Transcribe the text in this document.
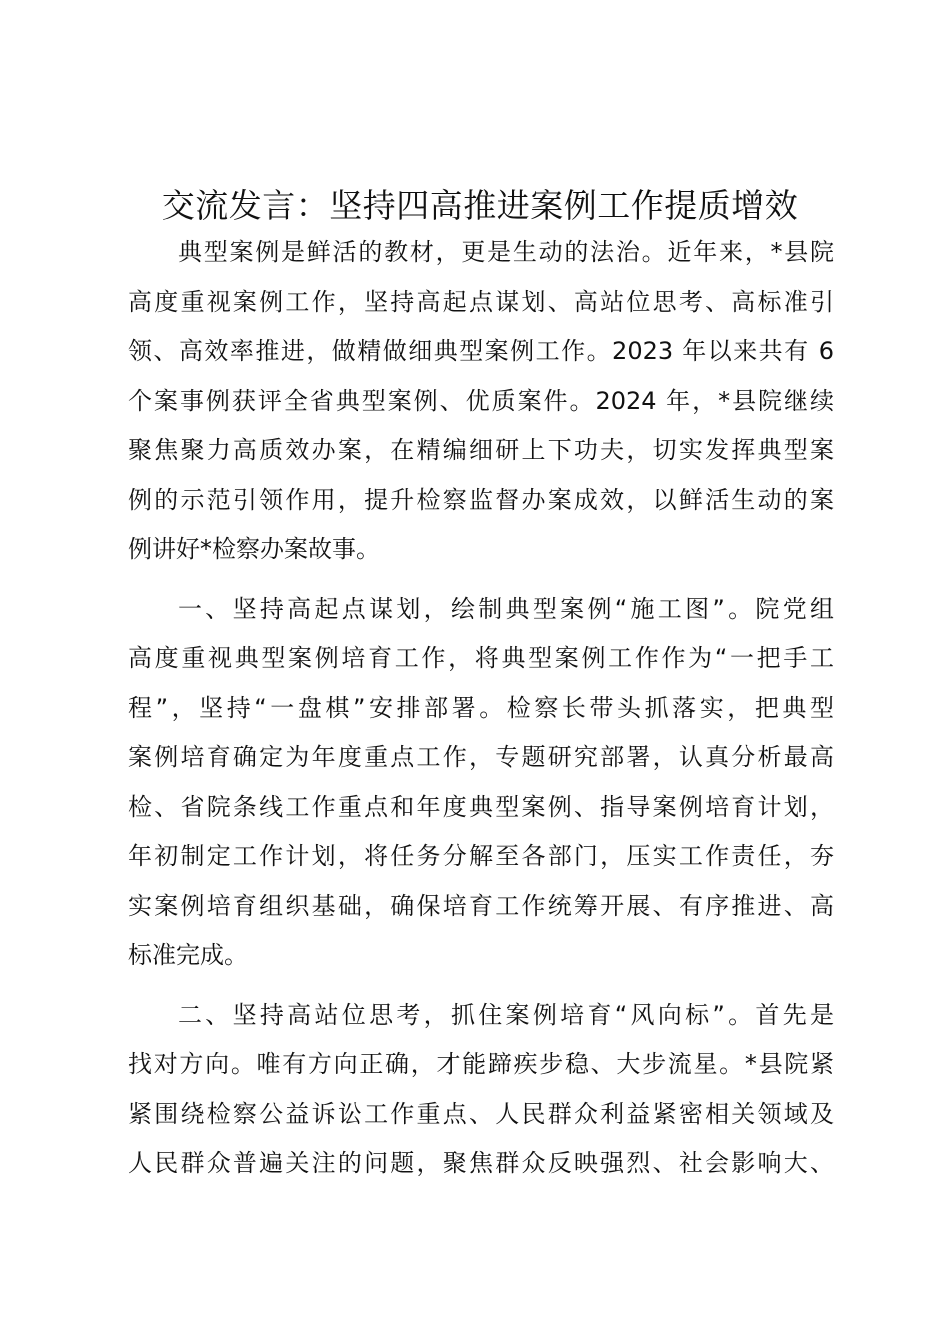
交流发言：坚持四高推进案例工作提质增效
典型案例是鲜活的教材，更是生动的法治。近年来，*县院
高度重视案例工作，坚持高起点谋划、高站位思考、高标准引
领、高效率推进，做精做细典型案例工作。2023 年以来共有 6
个案事例获评全省典型案例、优质案件。2024 年，*县院继续
聚焦聚力高质效办案，在精编细研上下功夫，切实发挥典型案
例的示范引领作用，提升检察监督办案成效，以鲜活生动的案
例讲好*检察办案故事。
一、坚持高起点谋划，绘制典型案例“施工图”。院党组
高度重视典型案例培育工作，将典型案例工作作为“一把手工
程”，坚持“一盘棋”安排部署。检察长带头抓落实，把典型
案例培育确定为年度重点工作，专题研究部署，认真分析最高
检、省院条线工作重点和年度典型案例、指导案例培育计划，
年初制定工作计划，将任务分解至各部门，压实工作责任，夯
实案例培育组织基础，确保培育工作统筹开展、有序推进、高
标准完成。
二、坚持高站位思考，抓住案例培育“风向标”。首先是
找对方向。唯有方向正确，才能蹄疾步稳、大步流星。*县院紧
紧围绕检察公益诉讼工作重点、人民群众利益紧密相关领域及
人民群众普遍关注的问题，聚焦群众反映强烈、社会影响大、
